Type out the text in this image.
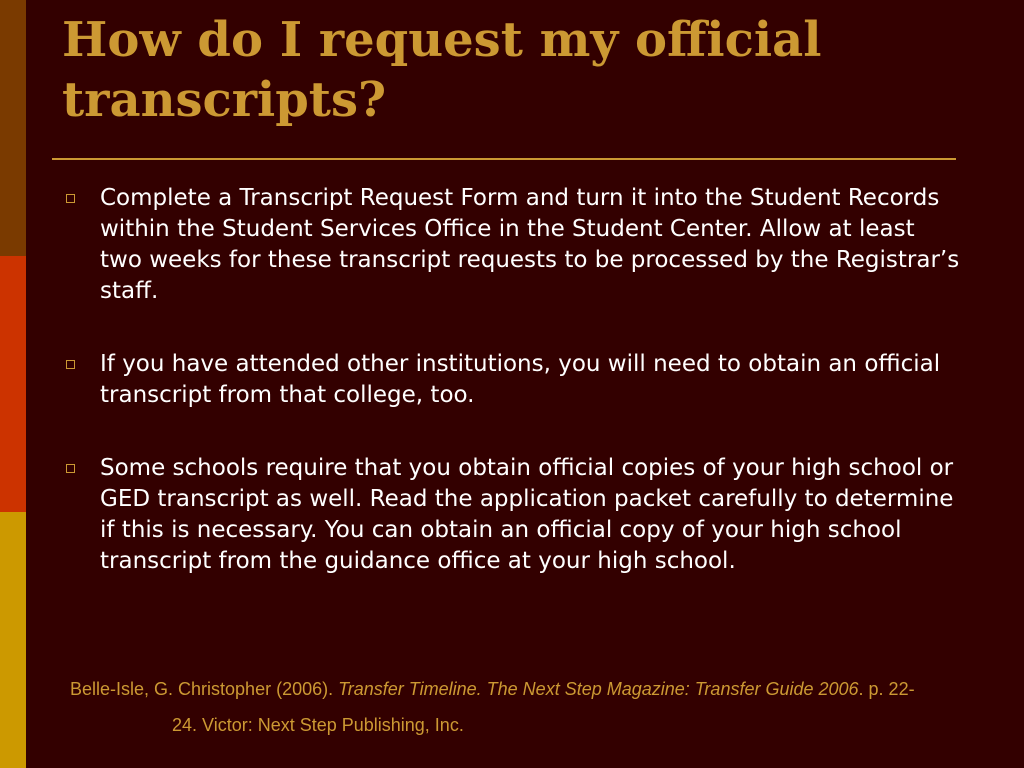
How do I request my official transcripts?
Complete a Transcript Request Form and turn it into the Student Records within the Student Services Office in the Student Center. Allow at least two weeks for these transcript requests to be processed by the Registrar’s staff.
If you have attended other institutions, you will need to obtain an official transcript from that college, too.
Some schools require that you obtain official copies of your high school or GED transcript as well. Read the application packet carefully to determine if this is necessary. You can obtain an official copy of your high school transcript from the guidance office at your high school.

Belle-Isle, G. Christopher (2006). Transfer Timeline. The Next Step Magazine: Transfer Guide 2006. p. 22-24. Victor: Next Step Publishing, Inc.
